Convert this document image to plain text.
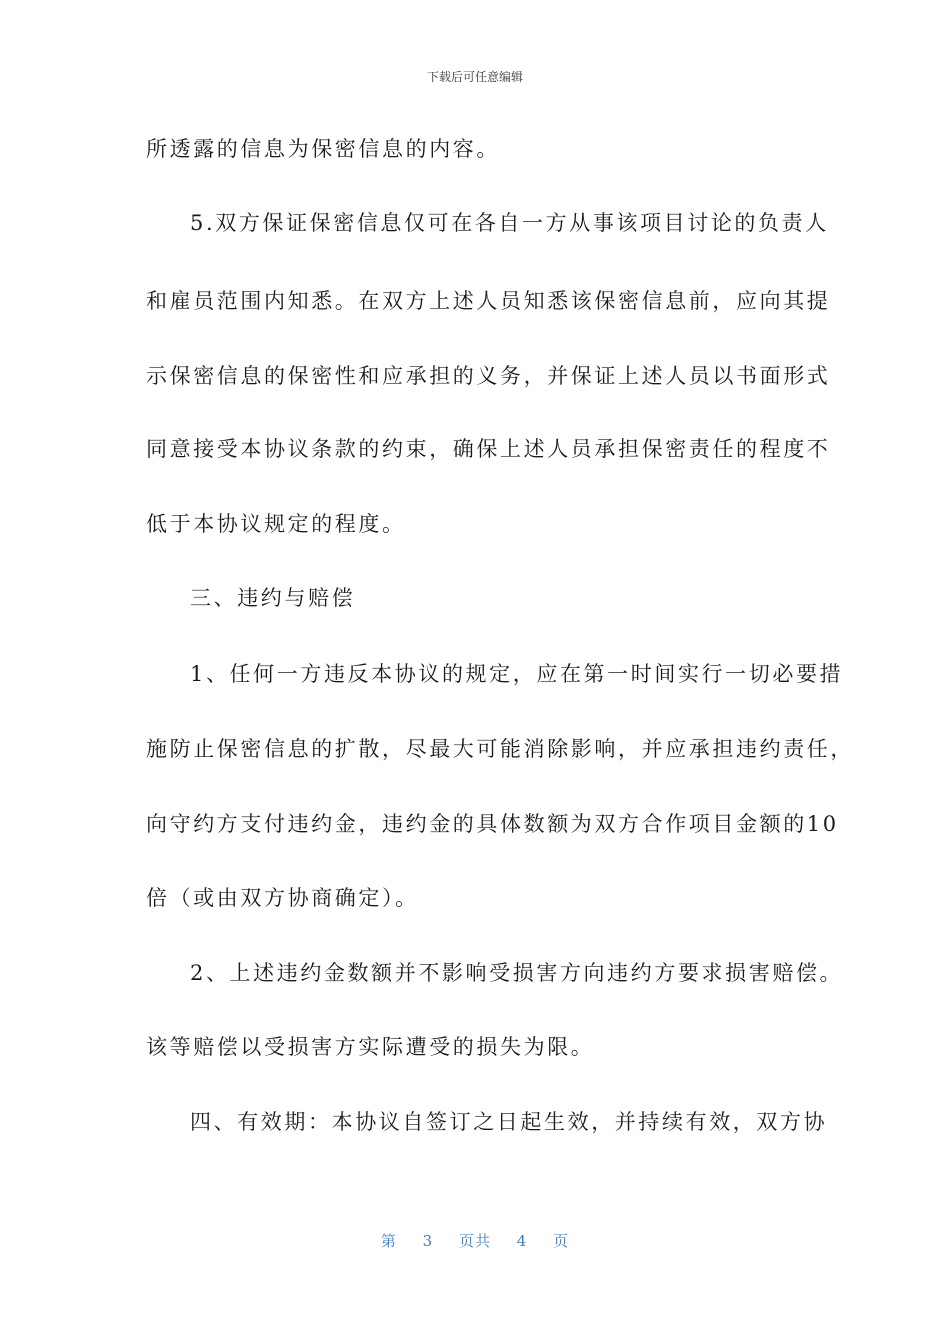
下载后可任意编辑
所透露的信息为保密信息的内容。
5.双方保证保密信息仅可在各自一方从事该项目讨论的负责人
和雇员范围内知悉。在双方上述人员知悉该保密信息前，应向其提
示保密信息的保密性和应承担的义务，并保证上述人员以书面形式
同意接受本协议条款的约束，确保上述人员承担保密责任的程度不
低于本协议规定的程度。
三、违约与赔偿
1、任何一方违反本协议的规定，应在第一时间实行一切必要措
施防止保密信息的扩散，尽最大可能消除影响，并应承担违约责任，
向守约方支付违约金，违约金的具体数额为双方合作项目金额的10
倍（或由双方协商确定）。
2、上述违约金数额并不影响受损害方向违约方要求损害赔偿。
该等赔偿以受损害方实际遭受的损失为限。
四、有效期：本协议自签订之日起生效，并持续有效，双方协
第 3 页共 4 页
